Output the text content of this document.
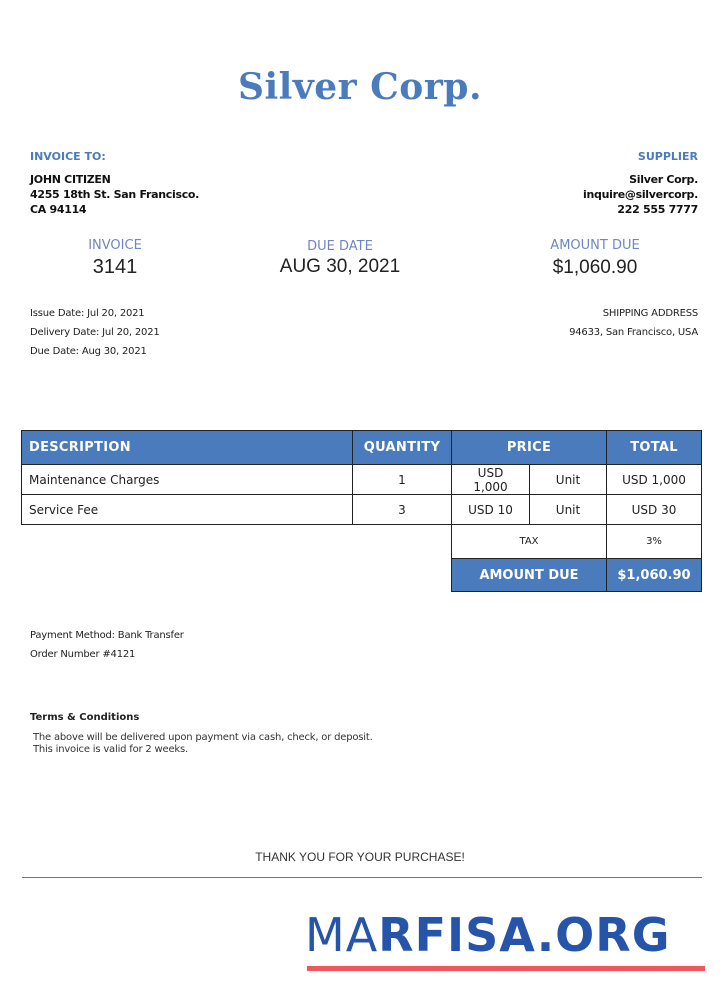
Silver Corp.
INVOICE TO:
JOHN CITIZEN
4255 18th St. San Francisco.
CA 94114
SUPPLIER
Silver Corp.
inquire@silvercorp.
222 555 7777
INVOICE
3141
DUE DATE
AUG 30, 2021
AMOUNT DUE
$1,060.90
Issue Date: Jul 20, 2021
Delivery Date: Jul 20, 2021
Due Date: Aug 30, 2021
SHIPPING ADDRESS
94633, San Francisco, USA
DESCRIPTION	QUANTITY	PRICE		TOTAL
Maintenance Charges	1	USD 1,000	Unit	USD 1,000
Service Fee	3	USD 10	Unit	USD 30
		TAX		3%
		AMOUNT DUE		$1,060.90
Payment Method: Bank Transfer
Order Number #4121
Terms & Conditions
The above will be delivered upon payment via cash, check, or deposit.
This invoice is valid for 2 weeks.
THANK YOU FOR YOUR PURCHASE!
MARFISA.ORG
